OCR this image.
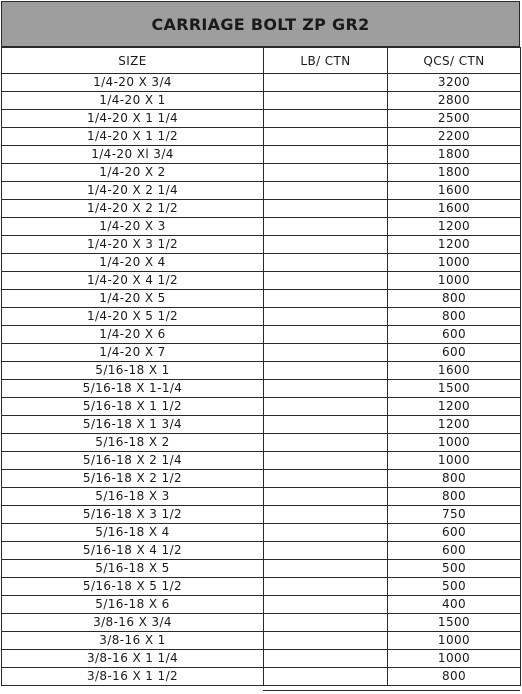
CARRIAGE BOLT ZP GR2
SIZE	LB/ CTN	QCS/ CTN
1/4-20 X 3/4		3200
1/4-20 X 1		2800
1/4-20 X 1 1/4		2500
1/4-20 X 1 1/2		2200
1/4-20 Xl 3/4		1800
1/4-20 X 2		1800
1/4-20 X 2 1/4		1600
1/4-20 X 2 1/2		1600
1/4-20 X 3		1200
1/4-20 X 3 1/2		1200
1/4-20 X 4		1000
1/4-20 X 4 1/2		1000
1/4-20 X 5		800
1/4-20 X 5 1/2		800
1/4-20 X 6		600
1/4-20 X 7		600
5/16-18 X 1		1600
5/16-18 X 1-1/4		1500
5/16-18 X 1 1/2		1200
5/16-18 X 1 3/4		1200
5/16-18 X 2		1000
5/16-18 X 2 1/4		1000
5/16-18 X 2 1/2		800
5/16-18 X 3		800
5/16-18 X 3 1/2		750
5/16-18 X 4		600
5/16-18 X 4 1/2		600
5/16-18 X 5		500
5/16-18 X 5 1/2		500
5/16-18 X 6		400
3/8-16 X 3/4		1500
3/8-16 X 1		1000
3/8-16 X 1 1/4		1000
3/8-16 X 1 1/2		800
